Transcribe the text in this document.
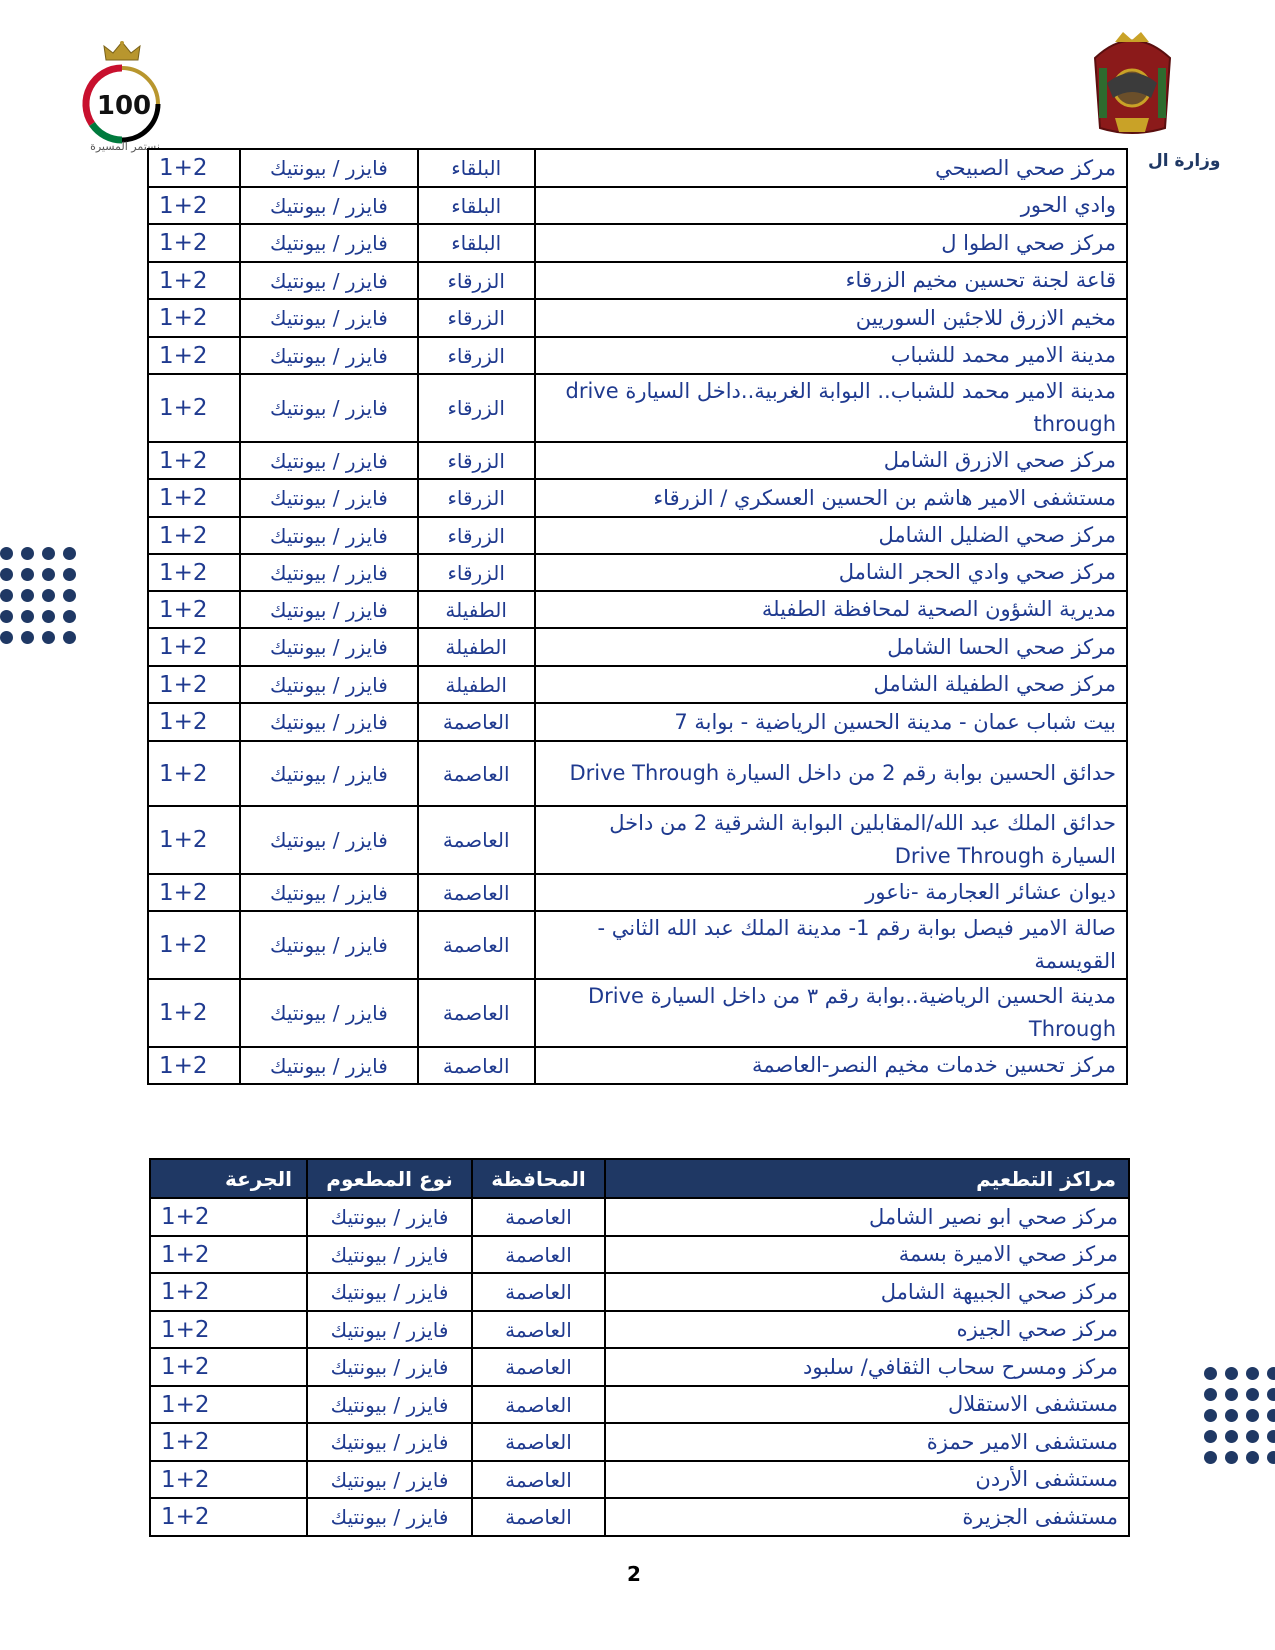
100
نستمر المسيرة
وزارة ال
مركز صحي الصبيحي	البلقاء	فايزر / بيونتيك	1+2
وادي الحور	البلقاء	فايزر / بيونتيك	1+2
مركز صحي الطوا ل	البلقاء	فايزر / بيونتيك	1+2
قاعة لجنة تحسين مخيم الزرقاء	الزرقاء	فايزر / بيونتيك	1+2
مخيم الازرق للاجئين السوريين	الزرقاء	فايزر / بيونتيك	1+2
مدينة الامير محمد للشباب	الزرقاء	فايزر / بيونتيك	1+2
مدينة الامير محمد للشباب.. البوابة الغربية..داخل السيارة drive through	الزرقاء	فايزر / بيونتيك	1+2
مركز صحي الازرق الشامل	الزرقاء	فايزر / بيونتيك	1+2
مستشفى الامير هاشم بن الحسين العسكري / الزرقاء	الزرقاء	فايزر / بيونتيك	1+2
مركز صحي الضليل الشامل	الزرقاء	فايزر / بيونتيك	1+2
مركز صحي وادي الحجر الشامل	الزرقاء	فايزر / بيونتيك	1+2
مديرية الشؤون الصحية لمحافظة الطفيلة	الطفيلة	فايزر / بيونتيك	1+2
مركز صحي الحسا الشامل	الطفيلة	فايزر / بيونتيك	1+2
مركز صحي الطفيلة الشامل	الطفيلة	فايزر / بيونتيك	1+2
بيت شباب عمان - مدينة الحسين الرياضية - بوابة 7	العاصمة	فايزر / بيونتيك	1+2
حدائق الحسين بوابة رقم 2 من داخل السيارة Drive Through	العاصمة	فايزر / بيونتيك	1+2
حدائق الملك عبد الله/المقابلين البوابة الشرقية 2 من داخل السيارة Drive Through	العاصمة	فايزر / بيونتيك	1+2
ديوان عشائر العجارمة -ناعور	العاصمة	فايزر / بيونتيك	1+2
صالة الامير فيصل بوابة رقم 1- مدينة الملك عبد الله الثاني - القويسمة	العاصمة	فايزر / بيونتيك	1+2
مدينة الحسين الرياضية..بوابة رقم ٣ من داخل السيارة Drive Through	العاصمة	فايزر / بيونتيك	1+2
مركز تحسين خدمات مخيم النصر-العاصمة	العاصمة	فايزر / بيونتيك	1+2
مراكز التطعيم	المحافظة	نوع المطعوم	الجرعة
مركز صحي ابو نصير الشامل	العاصمة	فايزر / بيونتيك	1+2
مركز صحي الاميرة بسمة	العاصمة	فايزر / بيونتيك	1+2
مركز صحي الجبيهة الشامل	العاصمة	فايزر / بيونتيك	1+2
مركز صحي الجيزه	العاصمة	فايزر / بيونتيك	1+2
مركز ومسرح سحاب الثقافي/ سلبود	العاصمة	فايزر / بيونتيك	1+2
مستشفى الاستقلال	العاصمة	فايزر / بيونتيك	1+2
مستشفى الامير حمزة	العاصمة	فايزر / بيونتيك	1+2
مستشفى الأردن	العاصمة	فايزر / بيونتيك	1+2
مستشفى الجزيرة	العاصمة	فايزر / بيونتيك	1+2
2
